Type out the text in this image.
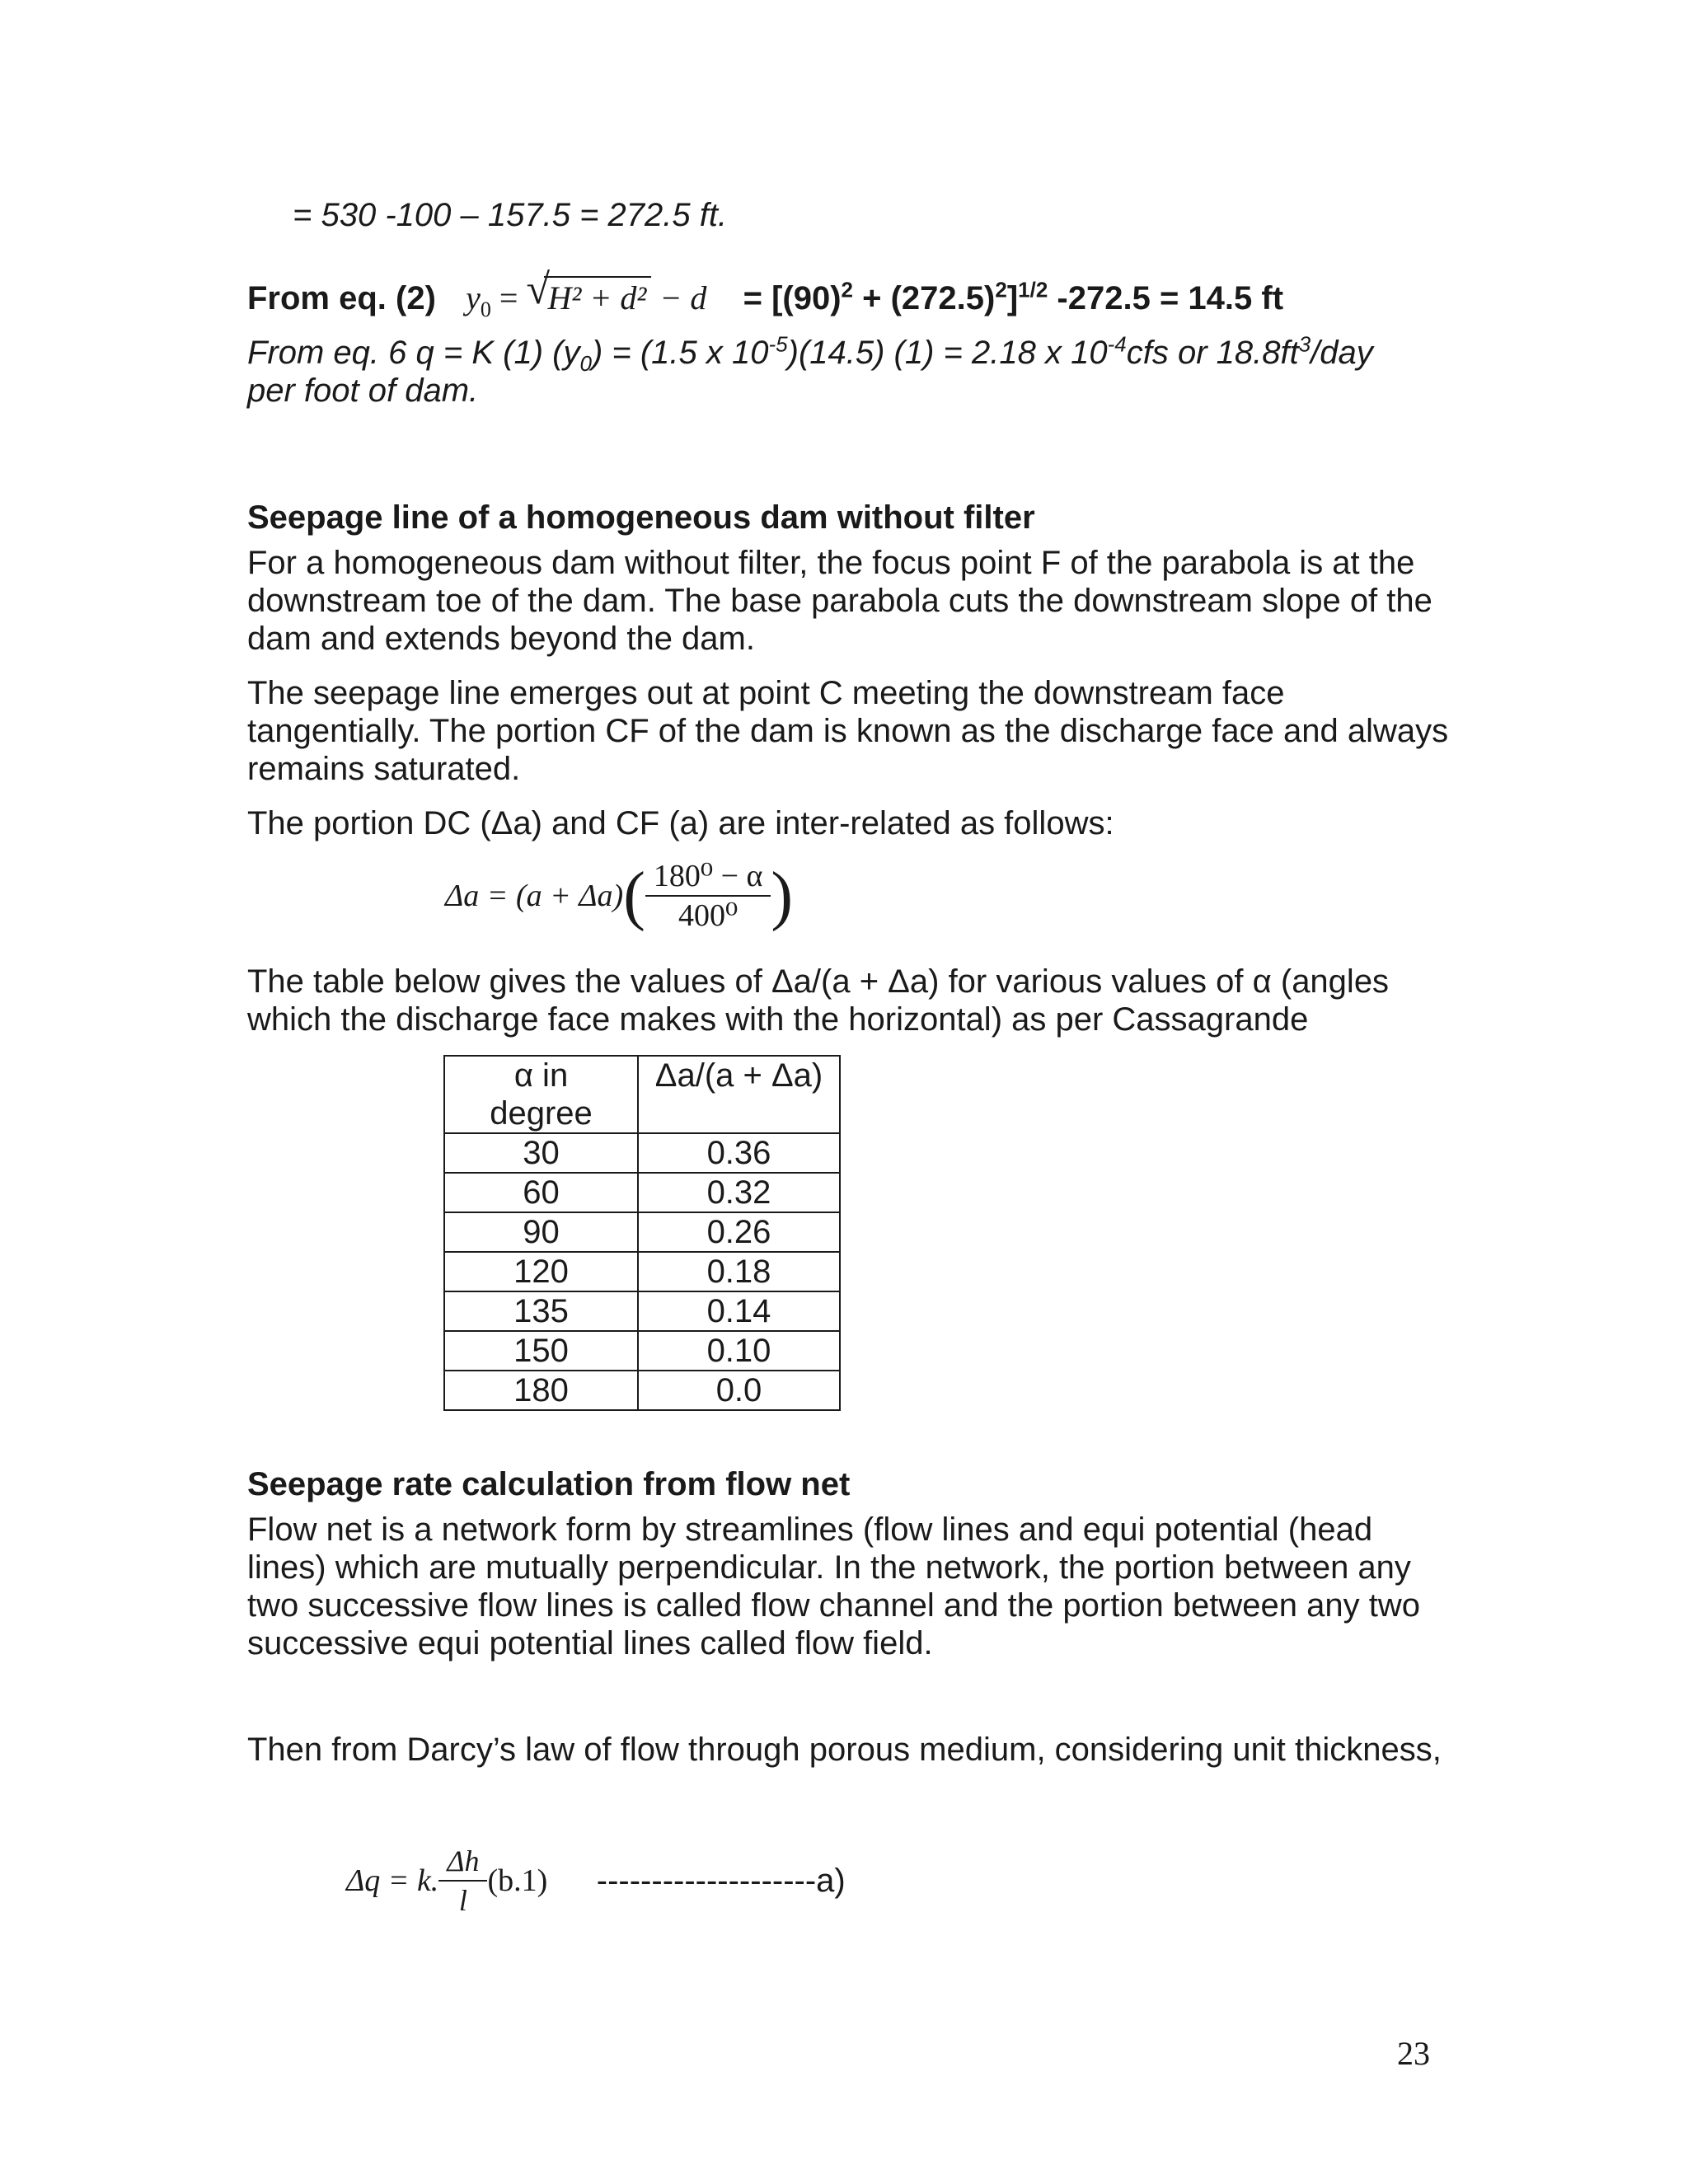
= 530 -100 – 157.5 = 272.5 ft.
From eq. (2) $y_0$ = √
$H^2 + d^2 - d = [(90)^2 + (272.5)^2]^{1/2}$ -272.5 = 14.5 ft
From eq. 6 q = K (1) $(y_0) = (1.5$ x $10^{-5})(14.5)$ (1) = 2.18 x $10^{-4}cfs$ or $18.8ft^3$/day
per foot of dam.

Seepage line of a homogeneous dam without filter

For a homogeneous dam without filter, the focus point F of the parabola is at the downstream toe of the dam. The base parabola cuts the downstream slope of the dam and extends beyond the dam.

The seepage line emerges out at point C meeting the downstream face tangentially. The portion CF of the dam is known as the discharge face and always remains saturated.

The portion DC (Δa) and CF (a) are inter-related as follows:

$\Delta a = (a + \Delta a)( \frac{\text{180⁰ − α}}{\text{400⁰}}$ )

The table below gives the values of Δa/(a + Δa) for various values of α (angles which the discharge face makes with the horizontal) as per Cassagrande

α in degree	Δa/(a + Δa)
30	0.36
60	0.32
90	0.26
120	0.18
135	0.14
150	0.10
180	0.0

Seepage rate calculation from flow net

Flow net is a network form by streamlines (flow lines and equi potential (head lines) which are mutually perpendicular. In the network, the portion between any two successive flow lines is called flow channel and the portion between any two successive equi potential lines called flow field.

Then from Darcy’s law of flow through porous medium, considering unit thickness,

Δq = k. $\frac{\Delta h}{l} (b.1)$ --------------------a)
23
